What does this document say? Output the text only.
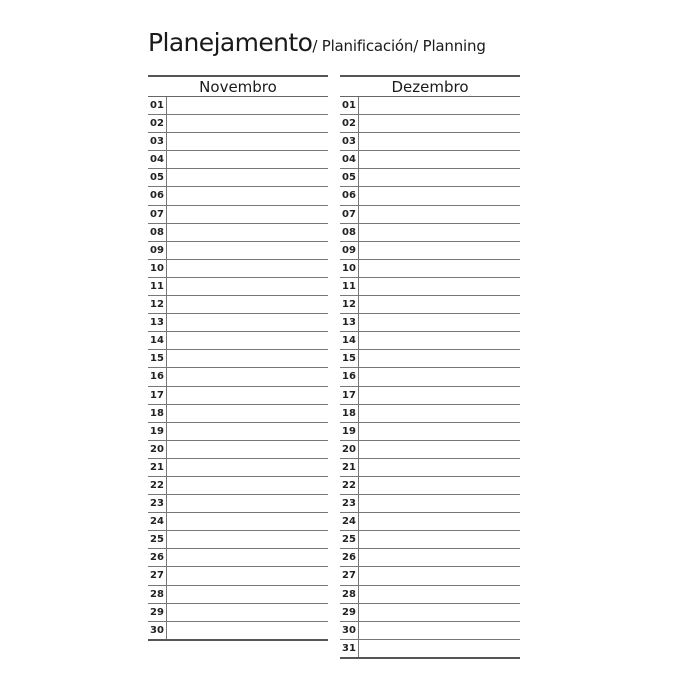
Planejamento/ Planificación/ Planning
Novembro
01
02
03
04
05
06
07
08
09
10
11
12
13
14
15
16
17
18
19
20
21
22
23
24
25
26
27
28
29
30
Dezembro
01
02
03
04
05
06
07
08
09
10
11
12
13
14
15
16
17
18
19
20
21
22
23
24
25
26
27
28
29
30
31
